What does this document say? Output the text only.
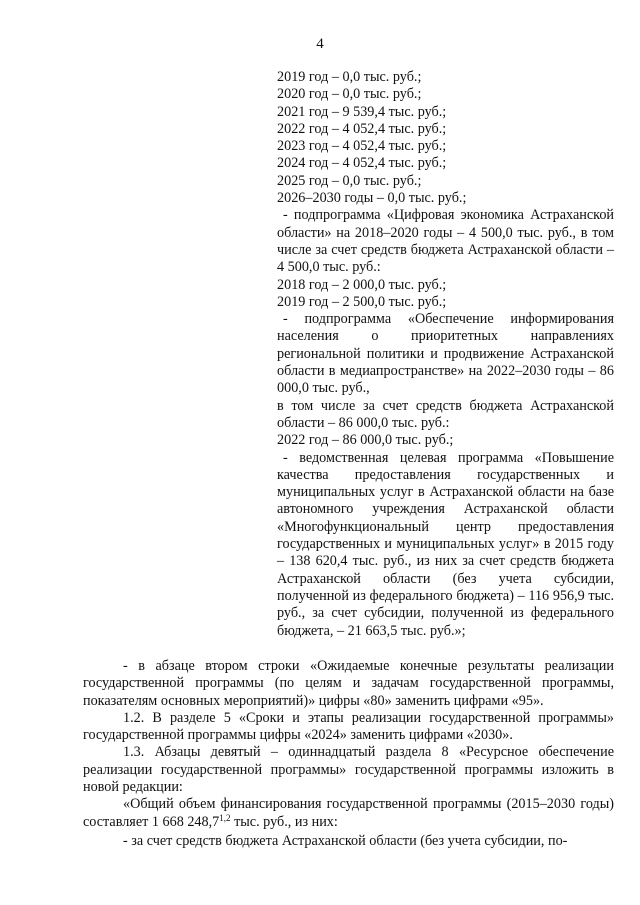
4

2019 год – 0,0 тыс. руб.;

2020 год – 0,0 тыс. руб.;

2021 год – 9 539,4 тыс. руб.;

2022 год – 4 052,4 тыс. руб.;

2023 год – 4 052,4 тыс. руб.;

2024 год – 4 052,4 тыс. руб.;

2025 год – 0,0 тыс. руб.;

2026–2030 годы – 0,0 тыс. руб.;

- подпрограмма «Цифровая экономика Астраханской области» на 2018–2020 годы – 4 500,0 тыс. руб., в том числе за счет средств бюджета Астраханской области – 4 500,0 тыс. руб.:

2018 год – 2 000,0 тыс. руб.;

2019 год – 2 500,0 тыс. руб.;

- подпрограмма «Обеспечение информирования населения о приоритетных направлениях региональной политики и продвижение Астраханской области в медиапространстве» на 2022–2030 годы – 86 000,0 тыс. руб.,

в том числе за счет средств бюджета Астраханской области – 86 000,0 тыс. руб.:

2022 год – 86 000,0 тыс. руб.;

- ведомственная целевая программа «Повышение качества предоставления государственных и муниципальных услуг в Астраханской области на базе автономного учреждения Астраханской области «Многофункциональный центр предоставления государственных и муниципальных услуг» в 2015 году – 138 620,4 тыс. руб., из них за счет средств бюджета Астраханской области (без учета субсидии, полученной из федерального бюджета) – 116 956,9 тыс. руб., за счет субсидии, полученной из федерального бюджета, – 21 663,5 тыс. руб.»;

- в абзаце втором строки «Ожидаемые конечные результаты реализации государственной программы (по целям и задачам государственной программы, показателям основных мероприятий)» цифры «80» заменить цифрами «95».

1.2. В разделе 5 «Сроки и этапы реализации государственной программы» государственной программы цифры «2024» заменить цифрами «2030».

1.3. Абзацы девятый – одиннадцатый раздела 8 «Ресурсное обеспечение реализации государственной программы» государственной программы изложить в новой редакции:

«Общий объем финансирования государственной программы (2015–2030 годы) составляет 1 668 248,7$^{1,2}$ тыс. руб., из них:

- за счет средств бюджета Астраханской области (без учета субсидии, по-
